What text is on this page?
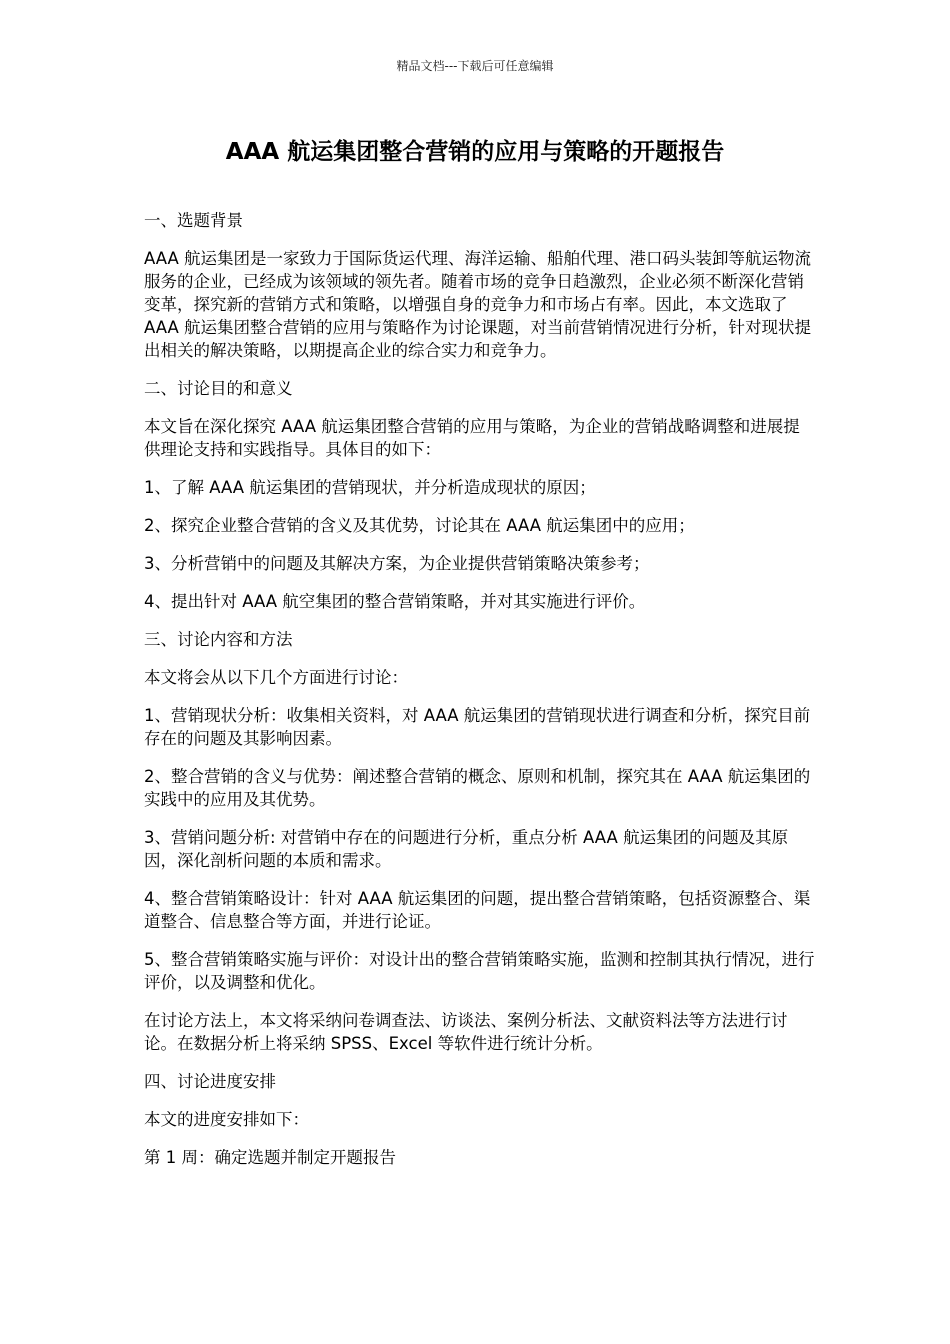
精品文档---下载后可任意编辑
AAA 航运集团整合营销的应用与策略的开题报告

一、选题背景

AAA 航运集团是一家致力于国际货运代理、海洋运输、船舶代理、港口码头装卸等航运物流服务的企业，已经成为该领域的领先者。随着市场的竞争日趋激烈，企业必须不断深化营销变革，探究新的营销方式和策略，以增强自身的竞争力和市场占有率。因此，本文选取了 AAA 航运集团整合营销的应用与策略作为讨论课题，对当前营销情况进行分析，针对现状提出相关的解决策略，以期提高企业的综合实力和竞争力。

二、讨论目的和意义

本文旨在深化探究 AAA 航运集团整合营销的应用与策略，为企业的营销战略调整和进展提供理论支持和实践指导。具体目的如下：

1、了解 AAA 航运集团的营销现状，并分析造成现状的原因；

2、探究企业整合营销的含义及其优势，讨论其在 AAA 航运集团中的应用；

3、分析营销中的问题及其解决方案，为企业提供营销策略决策参考；

4、提出针对 AAA 航空集团的整合营销策略，并对其实施进行评价。

三、讨论内容和方法

本文将会从以下几个方面进行讨论：

1、营销现状分析：收集相关资料，对 AAA 航运集团的营销现状进行调查和分析，探究目前存在的问题及其影响因素。

2、整合营销的含义与优势：阐述整合营销的概念、原则和机制，探究其在 AAA 航运集团的实践中的应用及其优势。

3、营销问题分析: 对营销中存在的问题进行分析，重点分析 AAA 航运集团的问题及其原因，深化剖析问题的本质和需求。

4、整合营销策略设计：针对 AAA 航运集团的问题，提出整合营销策略，包括资源整合、渠道整合、信息整合等方面，并进行论证。

5、整合营销策略实施与评价：对设计出的整合营销策略实施，监测和控制其执行情况，进行评价，以及调整和优化。

在讨论方法上，本文将采纳问卷调查法、访谈法、案例分析法、文献资料法等方法进行讨论。在数据分析上将采纳 SPSS、Excel 等软件进行统计分析。

四、讨论进度安排

本文的进度安排如下：

第 1 周：确定选题并制定开题报告
